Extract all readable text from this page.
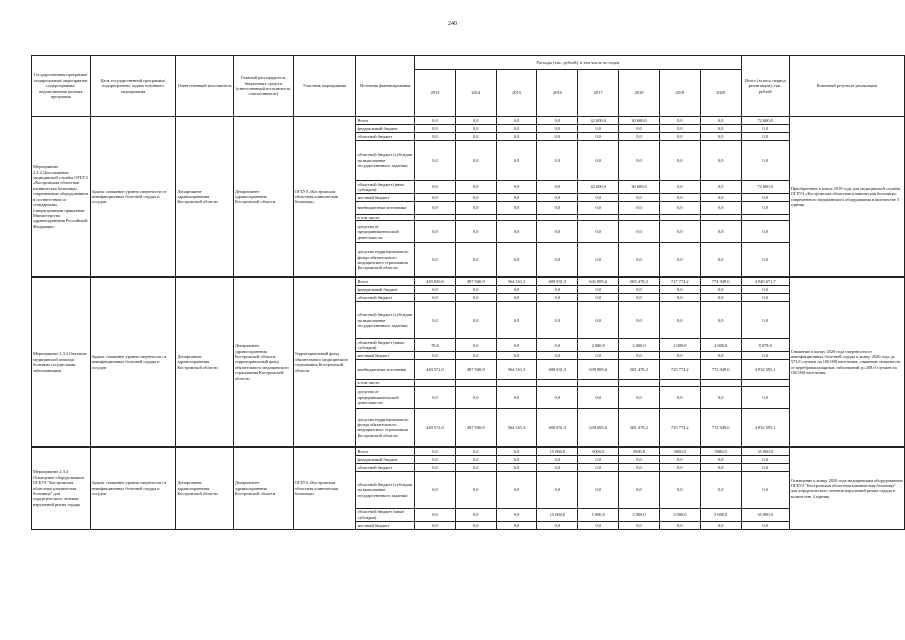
240
Государственная программа/подпрограмма/ мероприятие подпрограммы/ведомственная целевая программа	Цель государственной программы/подпрограммы, задача основного мероприятия	Ответственный исполнитель	Главный распорядитель бюджетных средств (ответственный исполнитель/ соисполнитель)	Участник мероприятия	Источник финансирования	Расходы (тыс. рублей), в том числе по годам								Итого (за весь период реализации), тыс. рублей	Конечный результат реализации
						2013	2014	2015	2016	2017	2018	2019	2020		
Мероприятие 2.3.2.Дооснащение медицинской службы ОГБУЗ «Костромская областная клиническая больница» современным оборудованием в соответствии со стандартами, утвержденными приказами Министерства здравоохранения Российской Федерации	Задача: снижение уровня смертности от неинфекционных болезней сердца и сосудов	Департамент здравоохранения Костромской области	Департамент здравоохранения Костромской области	ОГБУЗ «Костромская областная клиническая больница»	Всего	0,0	0,0	0,0	0,0	42 000,0	30 600,0	0,0	0,0	72 600,0	Приобретение в конце 2018 года для медицинской службы ОГБУЗ «Костромская областная клиническая больница» современного медицинского оборудования в количестве 5 единиц
					федеральный бюджет	0,0	0,0	0,0	0,0	0,0	0,0	0,0	0,0	0,0	
					областной бюджет	0,0	0,0	0,0	0,0	0,0	0,0	0,0	0,0	0,0	
					областной бюджет (субсидия на выполнение государственного задания)	0,0	0,0	0,0	0,0	0,0	0,0	0,0	0,0	0,0	
					областной бюджет (иные субсидии)	0,0	0,0	0,0	0,0	42 000,0	30 600,0	0,0	0,0	72 600,0	
					местный бюджет	0,0	0,0	0,0	0,0	0,0	0,0	0,0	0,0	0,0	
					внебюджетные источники	0,0	0,0	0,0	0,0	0,0	0,0	0,0	0,0	0,0	
					в том числе:										
					средства от предпринимательской деятельности	0,0	0,0	0,0	0,0	0,0	0,0	0,0	0,0	0,0	
					средства территориального фонда обязательного медицинского страхования Костромской области	0,0	0,0	0,0	0,0	0,0	0,0	0,0	0,0	0,0	

Мероприятие 2.3.3.Оказание медицинской помощи больным сосудистыми заболеваниями	Задача: снижение уровня смертности от неинфекционных болезней сердца и сосудов	Департамент здравоохранения Костромской области	Департамент здравоохранения Костромской области, территориальный фонд обязательного медицинского страхования Костромской области	Территориальный фонд обязательного медицинского страхования Костромской области	Всего	449 650,6	497 940,9	564 161,3	600 831,5	641 885,6	683 478,2	727 774,2	774 949,6	4 940 671,7	Снижение к концу 2020 года смертности от неинфекционных болезней сердца к концу 2020 года до 573,8 случаев на 100 000 населения; снижение смертности от цереброваскулярных заболеваний до 208,0 случаев на 100 000 населения
					федеральный бюджет	0,0	0,0	0,0	0,0	0,0	0,0	0,0	0,0	0,0	
					областной бюджет	0,0	0,0	0,0	0,0	0,0	0,0	0,0	0,0	0,0	
					областной бюджет (субсидия на выполнение государственного задания)	0,0	0,0	0,0	0,0	0,0	0,0	0,0	0,0	0,0	
					областной бюджет (иные субсидии)	78,6	0,0	0,0	0,0	2 000,0	2 000,0	2 000,0	2 000,0	8 078,6	
					местный бюджет	0,0	0,0	0,0	0,0	0,0	0,0	0,0	0,0	0,0	
					внебюджетные источники	449 572,0	497 940,9	564 161,3	600 831,5	639 885,6	681 478,2	725 774,2	772 949,6	4 932 593,1	
					в том числе:										
					средства от предпринимательской деятельности	0,0	0,0	0,0	0,0	0,0	0,0	0,0	0,0	0,0	
					средства территориального фонда обязательного медицинского страхования Костромской области	449 572,0	497 940,9	564 161,3	600 831,5	639 885,6	681 478,2	725 774,2	772 949,6	4 932 593,1	

Мероприятие 2.3.4 Оснащение оборудованием ОГБУЗ "Костромская областная клиническая больница" для хирургического лечения нарушений ритма сердца	Задача: снижение уровня смертности от неинфекционных болезней сердца и сосудов	Департамент здравоохранения Костромской области	Департамент здравоохранения Костромской области	ОГБУЗ «Костромская областная клиническая больница»	Всего	0,0	0,0	0,0	15 000,0	5000,0	5000,0	5000,0	5000,0	35 000,0	Оснащение к концу 2020 года медицинским оборудованием ОГБУЗ "Костромская областная клиническая больница" для хирургического лечения нарушений ритма сердца в количестве 4 единиц
					федеральный бюджет	0,0	0,0	0,0	0,0	0,0	0,0	0,0	0,0	0,0	
					областной бюджет	0,0	0,0	0,0	0,0	0,0	0,0	0,0	0,0	0,0	
					областной бюджет (субсидия на выполнение государственного задания)	0,0	0,0	0,0	0,0	0,0	0,0	0,0	0,0	0,0	
					областной бюджет (иные субсидии)	0,0	0,0	0,0	15 000,0	5 000,0	5 000,0	5 000,0	5 000,0	35 000,0	
					местный бюджет	0,0	0,0	0,0	0,0	0,0	0,0	0,0	0,0	0,0	
